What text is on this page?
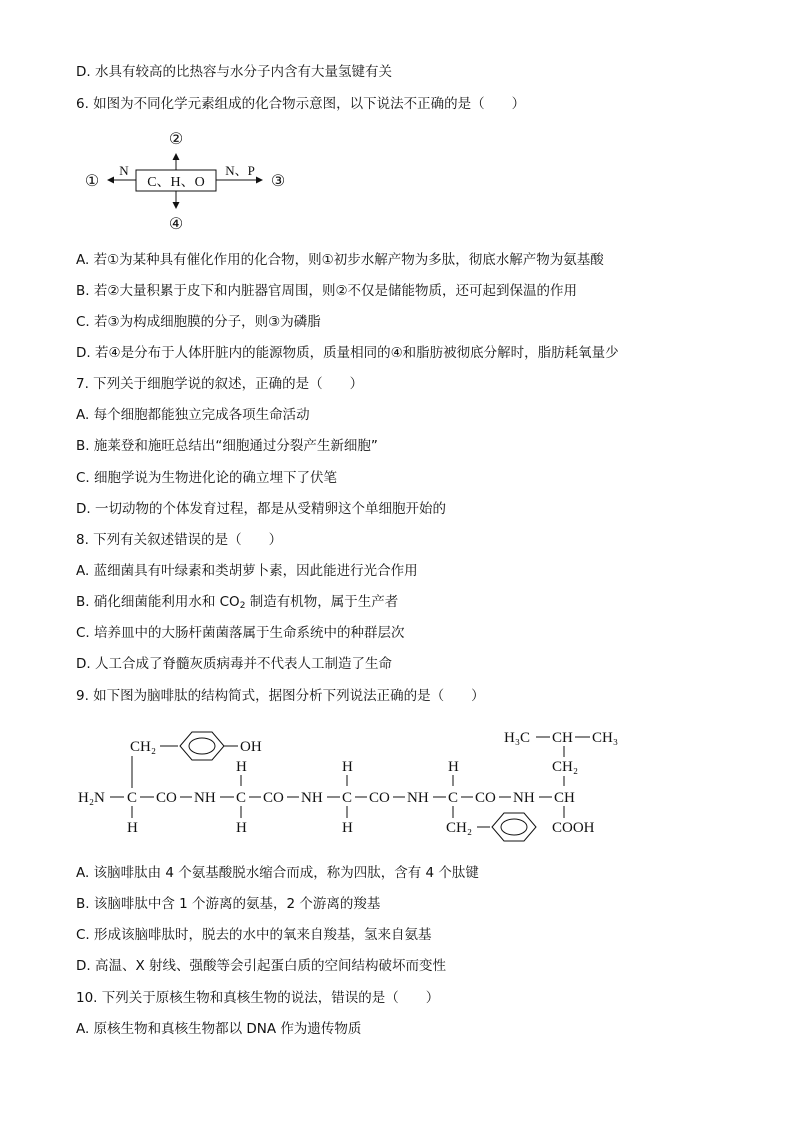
D. 水具有较高的比热容与水分子内含有大量氢键有关
6. 如图为不同化学元素组成的化合物示意图，以下说法不正确的是（　　）
C、H、O
②
④
N
①
N、P
③
A. 若①为某种具有催化作用的化合物，则①初步水解产物为多肽，彻底水解产物为氨基酸
B. 若②大量积累于皮下和内脏器官周围，则②不仅是储能物质，还可起到保温的作用
C. 若③为构成细胞膜的分子，则③为磷脂
D. 若④是分布于人体肝脏内的能源物质，质量相同的④和脂肪被彻底分解时，脂肪耗氧量少
7. 下列关于细胞学说的叙述，正确的是（　　）
A. 每个细胞都能独立完成各项生命活动
B. 施莱登和施旺总结出“细胞通过分裂产生新细胞”
C. 细胞学说为生物进化论的确立埋下了伏笔
D. 一切动物的个体发育过程，都是从受精卵这个单细胞开始的
8. 下列有关叙述错误的是（　　）
A. 蓝细菌具有叶绿素和类胡萝卜素，因此能进行光合作用
B. 硝化细菌能利用水和 $CO_2$ 制造有机物，属于生产者
C. 培养皿中的大肠杆菌菌落属于生命系统中的种群层次
D. 人工合成了脊髓灰质病毒并不代表人工制造了生命
9. 如下图为脑啡肽的结构简式，据图分析下列说法正确的是（　　）
CH₂	OH
H₂N C CO NH C CO NH C CO NH C CO NH CH
H	H	H
H	H	H	CH₂
CH₂
H₃C CH CH₃
COOH
A. 该脑啡肽由 4 个氨基酸脱水缩合而成，称为四肽，含有 4 个肽键
B. 该脑啡肽中含 1 个游离的氨基，2 个游离的羧基
C. 形成该脑啡肽时，脱去的水中的氧来自羧基，氢来自氨基
D. 高温、X 射线、强酸等会引起蛋白质的空间结构破坏而变性
10. 下列关于原核生物和真核生物的说法，错误的是（　　）
A. 原核生物和真核生物都以 DNA 作为遗传物质
